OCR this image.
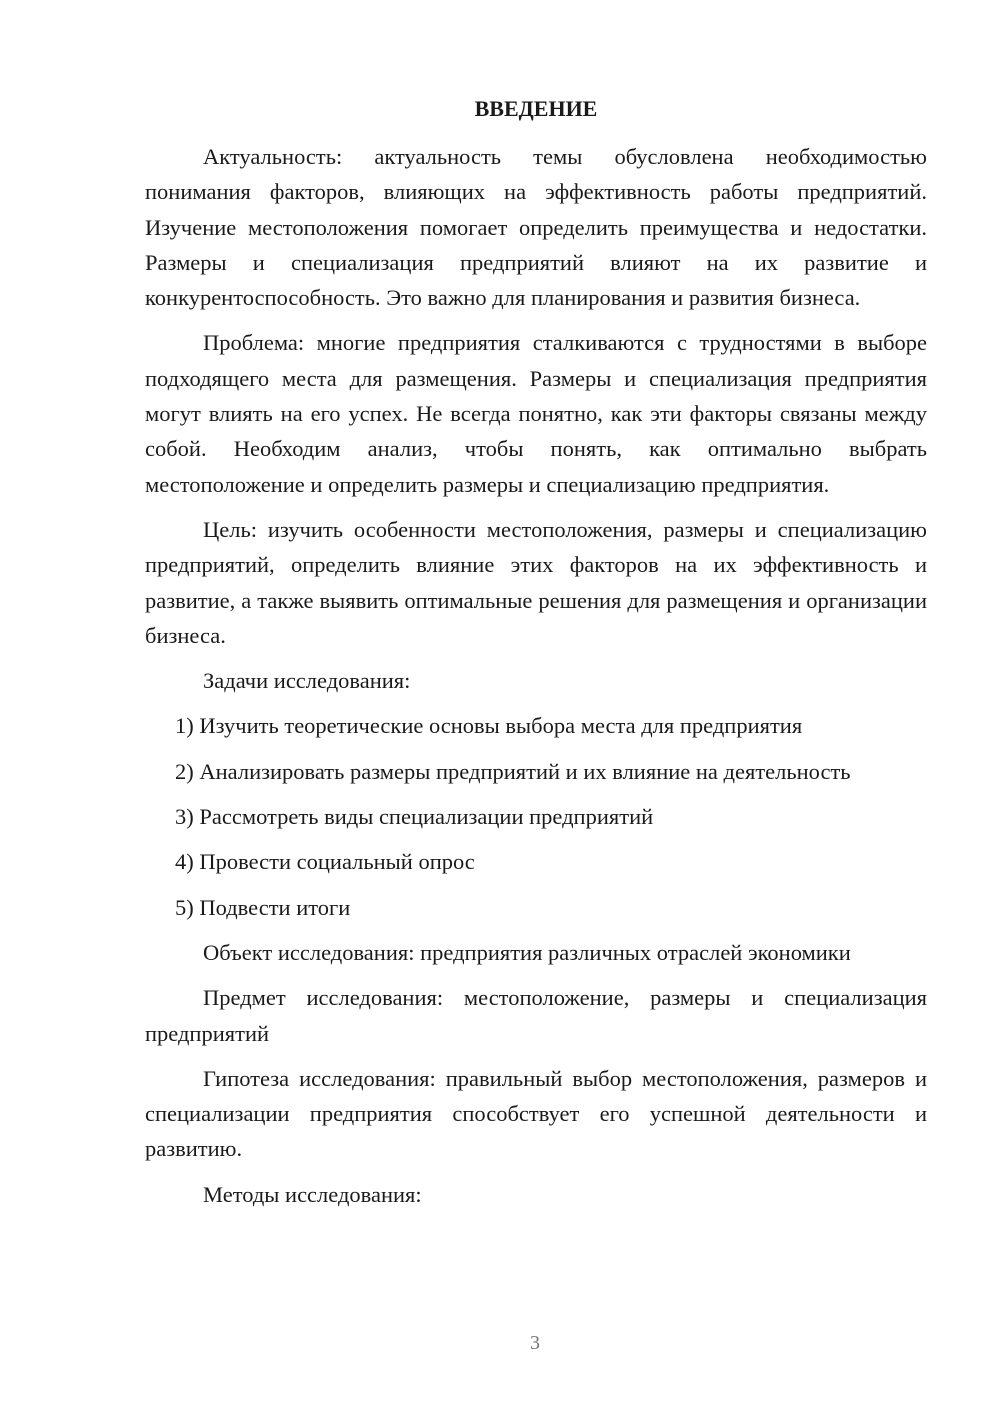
ВВЕДЕНИЕ

Актуальность: актуальность темы обусловлена необходимостью понимания факторов, влияющих на эффективность работы предприятий. Изучение местоположения помогает определить преимущества и недостатки. Размеры и специализация предприятий влияют на их развитие и конкурентоспособность. Это важно для планирования и развития бизнеса.

Проблема: многие предприятия сталкиваются с трудностями в выборе подходящего места для размещения. Размеры и специализация предприятия могут влиять на его успех. Не всегда понятно, как эти факторы связаны между собой. Необходим анализ, чтобы понять, как оптимально выбрать местоположение и определить размеры и специализацию предприятия.

Цель: изучить особенности местоположения, размеры и специализацию предприятий, определить влияние этих факторов на их эффективность и развитие, а также выявить оптимальные решения для размещения и организации бизнеса.

Задачи исследования:

1) Изучить теоретические основы выбора места для предприятия
2) Анализировать размеры предприятий и их влияние на деятельность
3) Рассмотреть виды специализации предприятий
4) Провести социальный опрос
5) Подвести итоги

Объект исследования: предприятия различных отраслей экономики

Предмет исследования: местоположение, размеры и специализация предприятий

Гипотеза исследования: правильный выбор местоположения, размеров и специализации предприятия способствует его успешной деятельности и развитию.

Методы исследования:

3
